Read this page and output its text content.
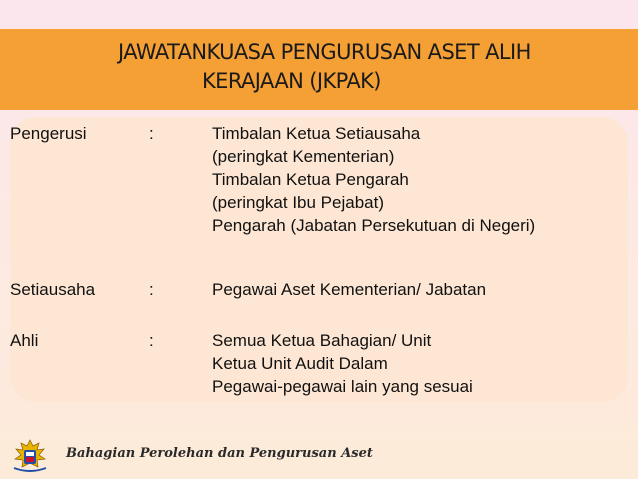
JAWATANKUASA PENGURUSAN ASET ALIH
KERAJAAN (JKPAK)
Pengerusi	:	Timbalan Ketua Setiausaha
(peringkat Kementerian)
Timbalan Ketua Pengarah
(peringkat Ibu Pejabat)
Pengarah (Jabatan Persekutuan di Negeri)
Setiausaha	:	Pegawai Aset Kementerian/ Jabatan
Ahli	:	Semua Ketua Bahagian/ Unit
Ketua Unit Audit Dalam
Pegawai-pegawai lain yang sesuai
Bahagian Perolehan dan Pengurusan Aset
